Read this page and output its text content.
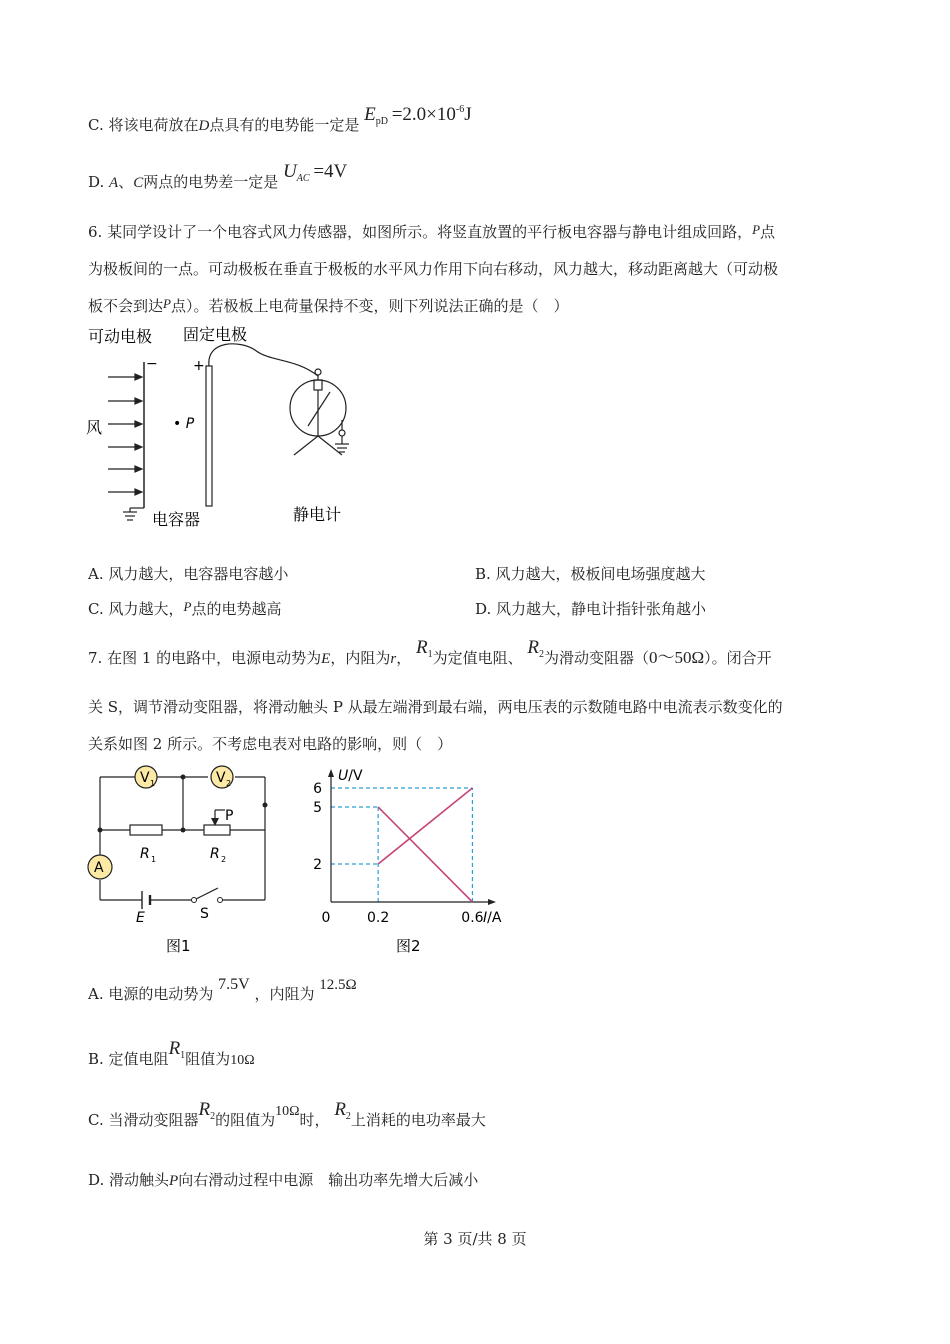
C. 将该电荷放在D点具有的电势能一定是 $E_{pD} =2.0\times 10^{-6}J$
D. A、C两点的电势差一定是 $U_{AC} =4V$
6. 某同学设计了一个电容式风力传感器，如图所示。将竖直放置的平行板电容器与静电计组成回路，P点
为极板间的一点。可动极板在垂直于极板的水平风力作用下向右移动，风力越大，移动距离越大（可动极
板不会到达P点）。若极板上电荷量保持不变，则下列说法正确的是（　）
可动电极 固定电极
风
−	+
• P
电容器	静电计
A. 风力越大，电容器电容越小	B. 风力越大，极板间电场强度越大
C. 风力越大，P点的电势越高	D. 风力越大，静电计指针张角越小
7. 在图 1 的电路中，电源电动势为E，内阻为r， $R_1$为定值电阻、 $R_2$为滑动变阻器（0～50Ω）。闭合开
关 S，调节滑动变阻器，将滑动触头 P 从最左端滑到最右端，两电压表的示数随电路中电流表示数变化的
关系如图 2 所示。不考虑电表对电路的影响，则（　）
V 1	V 2
A
P
R 1	R 2
E	S
图1
0.2	0.6
2
5
6
0
U/V
I/A
图2
A. 电源的电动势为 7.5V ，内阻为 12.5Ω
B. 定值电阻$R_1$阻值为10Ω
C. 当滑动变阻器$R_2$的阻值为10Ω时， $R_2$上消耗的电功率最大
D. 滑动触头P向右滑动过程中电源　输出功率先增大后减小
第 3 页/共 8 页
